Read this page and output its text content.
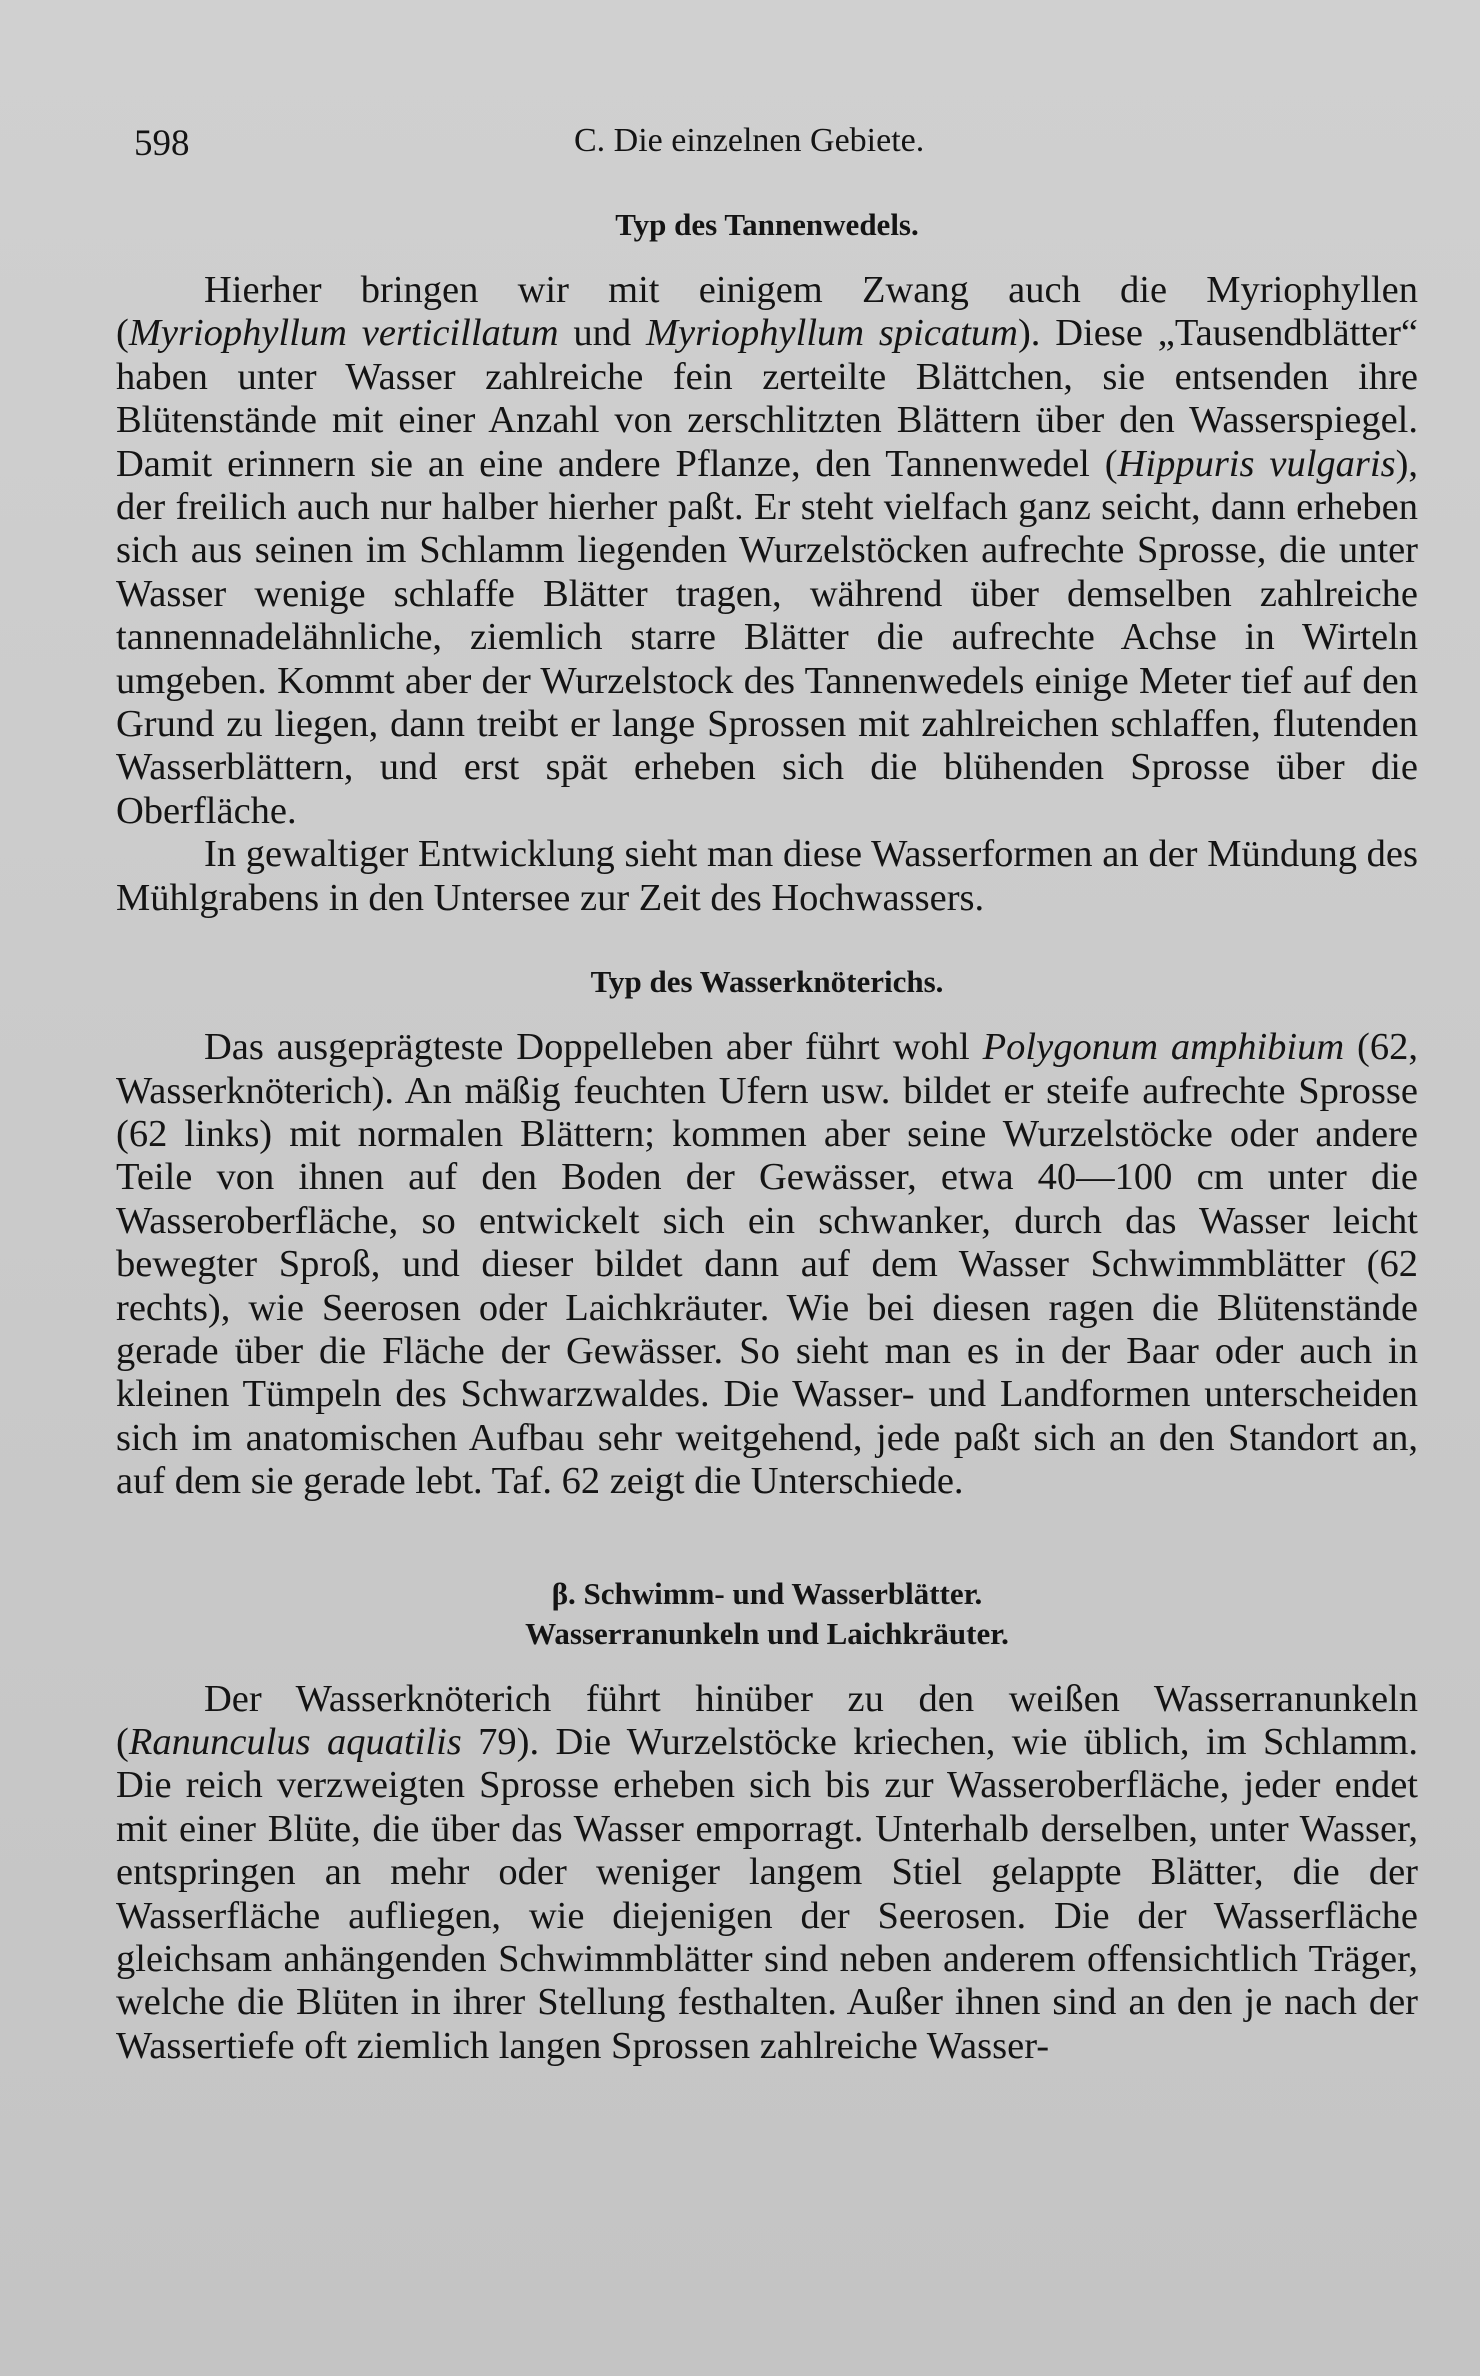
598	C. Die einzelnen Gebiete.
Typ des Tannenwedels.

Hierher bringen wir mit einigem Zwang auch die Myriophyllen (Myriophyllum verticillatum und Myriophyllum spicatum). Diese „Tausendblätter“ haben unter Wasser zahlreiche fein zerteilte Blättchen, sie entsenden ihre Blütenstände mit einer Anzahl von zerschlitzten Blättern über den Wasserspiegel. Damit erinnern sie an eine andere Pflanze, den Tannenwedel (Hippuris vulgaris), der freilich auch nur halber hierher paßt. Er steht vielfach ganz seicht, dann erheben sich aus seinen im Schlamm liegenden Wurzelstöcken aufrechte Sprosse, die unter Wasser wenige schlaffe Blätter tragen, während über demselben zahlreiche tannennadelähnliche, ziemlich starre Blätter die aufrechte Achse in Wirteln umgeben. Kommt aber der Wurzelstock des Tannenwedels einige Meter tief auf den Grund zu liegen, dann treibt er lange Sprossen mit zahlreichen schlaffen, flutenden Wasserblättern, und erst spät erheben sich die blühenden Sprosse über die Oberfläche.

In gewaltiger Entwicklung sieht man diese Wasserformen an der Mündung des Mühlgrabens in den Untersee zur Zeit des Hochwassers.

Typ des Wasserknöterichs.

Das ausgeprägteste Doppelleben aber führt wohl Polygonum amphibium (62, Wasserknöterich). An mäßig feuchten Ufern usw. bildet er steife aufrechte Sprosse (62 links) mit normalen Blättern; kommen aber seine Wurzelstöcke oder andere Teile von ihnen auf den Boden der Gewässer, etwa 40—100 cm unter die Wasseroberfläche, so entwickelt sich ein schwanker, durch das Wasser leicht bewegter Sproß, und dieser bildet dann auf dem Wasser Schwimmblätter (62 rechts), wie Seerosen oder Laichkräuter. Wie bei diesen ragen die Blütenstände gerade über die Fläche der Gewässer. So sieht man es in der Baar oder auch in kleinen Tümpeln des Schwarzwaldes. Die Wasser- und Landformen unterscheiden sich im anatomischen Aufbau sehr weitgehend, jede paßt sich an den Standort an, auf dem sie gerade lebt. Taf. 62 zeigt die Unterschiede.

β. Schwimm- und Wasserblätter.
Wasserranunkeln und Laichkräuter.

Der Wasserknöterich führt hinüber zu den weißen Wasserranunkeln (Ranunculus aquatilis 79). Die Wurzelstöcke kriechen, wie üblich, im Schlamm. Die reich verzweigten Sprosse erheben sich bis zur Wasseroberfläche, jeder endet mit einer Blüte, die über das Wasser emporragt. Unterhalb derselben, unter Wasser, entspringen an mehr oder weniger langem Stiel gelappte Blätter, die der Wasserfläche aufliegen, wie diejenigen der Seerosen. Die der Wasserfläche gleichsam anhängenden Schwimmblätter sind neben anderem offensichtlich Träger, welche die Blüten in ihrer Stellung festhalten. Außer ihnen sind an den je nach der Wassertiefe oft ziemlich langen Sprossen zahlreiche Wasser-
